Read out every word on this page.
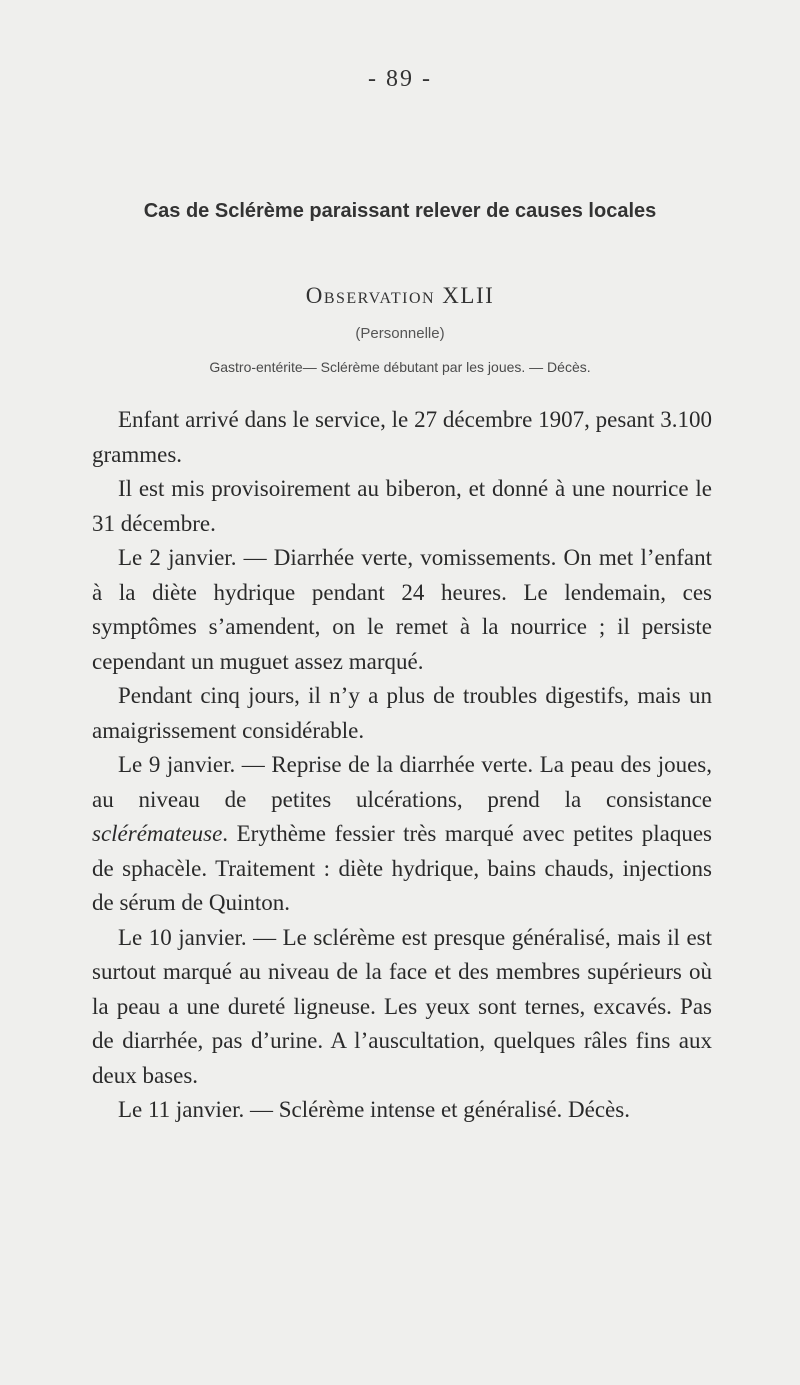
- 89 -
Cas de Sclérème paraissant relever de causes locales
Observation XLII
(Personnelle)
Gastro-entérite— Sclérème débutant par les joues. — Décès.

Enfant arrivé dans le service, le 27 décembre 1907, pesant 3.100 grammes.

Il est mis provisoirement au biberon, et donné à une nourrice le 31 décembre.

Le 2 janvier. — Diarrhée verte, vomissements. On met l’enfant à la diète hydrique pendant 24 heures. Le lendemain, ces symptômes s’amendent, on le remet à la nourrice ; il persiste cependant un muguet assez marqué.

Pendant cinq jours, il n’y a plus de troubles digestifs, mais un amaigrissement considérable.

Le 9 janvier. — Reprise de la diarrhée verte. La peau des joues, au niveau de petites ulcérations, prend la consistance sclérémateuse. Erythème fessier très marqué avec petites plaques de sphacèle. Traitement : diète hydrique, bains chauds, injections de sérum de Quinton.

Le 10 janvier. — Le sclérème est presque généralisé, mais il est surtout marqué au niveau de la face et des membres supérieurs où la peau a une dureté ligneuse. Les yeux sont ternes, excavés. Pas de diarrhée, pas d’urine. A l’auscultation, quelques râles fins aux deux bases.

Le 11 janvier. — Sclérème intense et généralisé. Décès.
